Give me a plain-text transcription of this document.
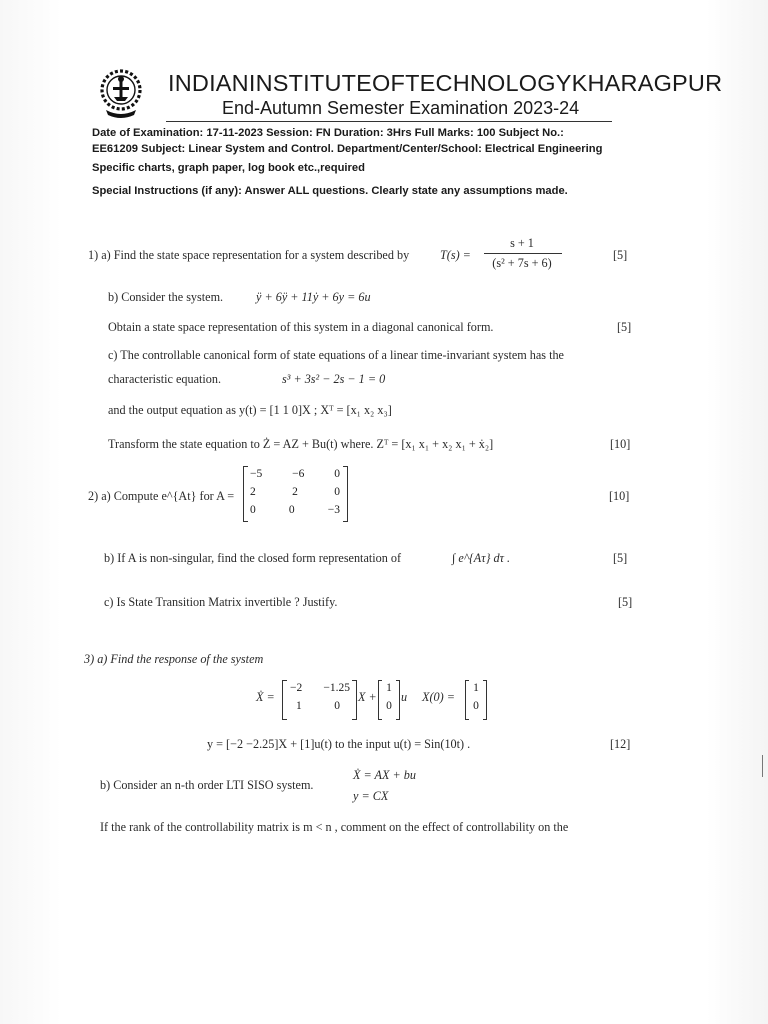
INDIANINSTITUTEOFTECHNOLOGYKHARAGPUR
End-Autumn Semester Examination 2023-24
Date of Examination: 17-11-2023 Session: FN Duration: 3Hrs Full Marks: 100 Subject No.:
EE61209 Subject: Linear System and Control. Department/Center/School: Electrical Engineering
Specific charts, graph paper, log book etc.,required
Special Instructions (if any): Answer ALL questions. Clearly state any assumptions made.
1) a) Find the state space representation for a system described by	T(s) =
s + 1
(s² + 7s + 6)
[5]
b) Consider the system.	ÿ + 6ÿ + 11ẏ + 6y = 6u
Obtain a state space representation of this system in a diagonal canonical form.	[5]
c) The controllable canonical form of state equations of a linear time-invariant system has the
characteristic equation.	s³ + 3s² − 2s − 1 = 0
and the output equation as y(t) = [1 1 0]X ; Xᵀ = [x₁ x₂ x₃]
Transform the state equation to Ż = AZ + Bu(t) where. Zᵀ = [x₁ x₁ + x₂ x₁ + ẋ₂]	[10]
2) a) Compute e^{At} for A =
−5	−6	0
2	2	0
0	0	−3
[10]
b) If A is non-singular, find the closed form representation of	∫ e^{Aτ} dτ .	[5]
c) Is State Transition Matrix invertible ? Justify.	[5]
3) a) Find the response of the system
Ẋ =
−2 −1.25
1	0
X +
1
0
u X(0) =
1
0
y = [−2 −2.25]X + [1]u(t) to the input u(t) = Sin(10t) .	[12]
b) Consider an n-th order LTI SISO system.
Ẋ = AX + bu
y = CX
If the rank of the controllability matrix is m < n , comment on the effect of controllability on the
